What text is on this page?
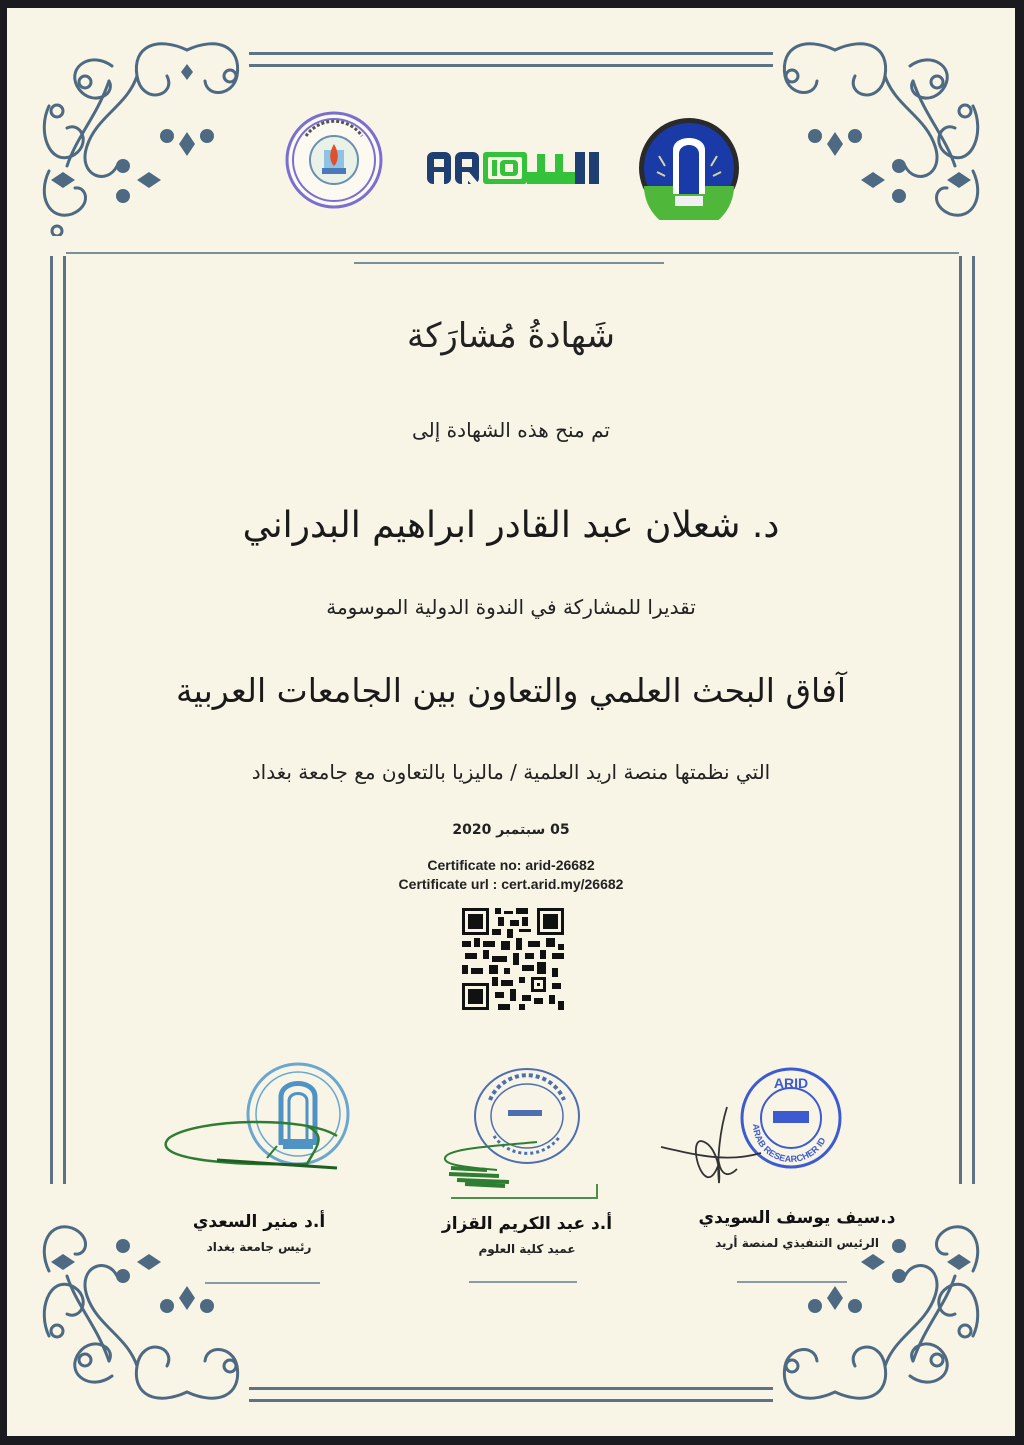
شَهادةُ مُشارَكة
تم منح هذه الشهادة إلى
د. شعلان عبد القادر ابراهيم البدراني
تقديرا للمشاركة في الندوة الدولية الموسومة
آفاق البحث العلمي والتعاون بين الجامعات العربية
التي نظمتها منصة اريد العلمية / ماليزيا بالتعاون مع جامعة بغداد
05 سبتمبر 2020
Certificate no: arid-26682
Certificate url : cert.arid.my/26682
أ.د منير السعدي
رئيس جامعة بغداد
أ.د عبد الكريم القزاز
عميد كلية العلوم
ARID
ARAB RESEARCHER ID
د.سيف يوسف السويدي
الرئيس التنفيذي لمنصة أريد
